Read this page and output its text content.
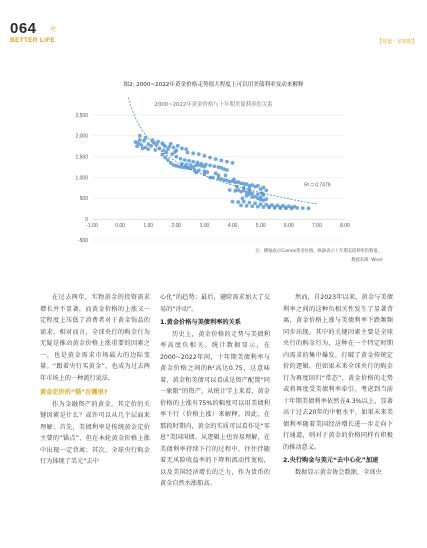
064 亮
BETTER LIFE	【财道・宽锐眼】
图2: 2000~2022年黄金价格走势很大程度上可以用美债利率变动来解释
2000~2022年黄金价格与十年期美债利率的关系
-500
0
500
1,000
1,500
2,000
2,500
-1.00	0.00	1.00	2.00	3.00	4.00	5.00	6.00	7.00	8.00
R² = 0.7479
注：横轴表示Comex黄金价格，纵轴表示十年期美债利率的数值。
数据来源: Wind

在过去两年，实物黄金的投资需求增长并不显著，而黄金价格的上涨又一定程度上压低了消费者对于黄金饰品的需求。相对而言，全球央行的购金行为无疑是推动黄金价格上涨重要的因素之一，也是黄金需求市场最大的边际变量。“跟着央行买黄金”，也成为过去两年市场上的一种流行说法。

黄金定价的“锚”在哪里?

作为金融资产的黄金，其定价的关键因素是什么？或许可以从几个层面来理解：首先，美债利率是传统黄金定价主要的“锚点”，但在本轮黄金价格上涨中出现一定背离；其次，全球央行购金行为体现了美元“去中

心化”的趋势；最后，避险需求加大了交易的“冲动”。

1.黄金价格与美债利率的关系

历史上，黄金价格的走势与美债利率高度负相关。统计数据显示，在2000~2022年间，十年期美债利率与黄金价格之间的R²高达0.75，这意味着，黄金和美债可以看成是资产配置“同一象限”的资产。从统计学上来看，黄金价格的上涨有75%的幅度可以用美债利率下行（价格上涨）来解释。因此，在那段时期内，黄金的实质可以看作是“零息”美国国债。从逻辑上也容易理解，在美债利率持续下行的过程中，往往伴随着无风险收益率的下降和流动性宽松，以及美国经济增长的乏力，作为货币的黄金自然水涨船高。

然而，自2023年以来，黄金与美债利率之间的这种负相关性发生了显著背离，黄金价格上涨与美债利率下跌频频同步出现。其中的关键因素主要是全球央行的购金行为，这种在一个特定时期内需求的集中爆发，打破了黄金传统定价的逻辑。但如果未来全球央行的购金行为再度回归“常态”，黄金价格的走势或将再度受美债利率牵引。考虑到当前十年期美债利率依然在4.3%以上，显著高于过去20年的中枢水平，如果未来美债利率随着美国经济增长进一步走向下行通道，则对于黄金的价格同样有积极的推动意义。

2.央行购金与美元“去中心化”加速

数据显示黄金协会数据，全球央
